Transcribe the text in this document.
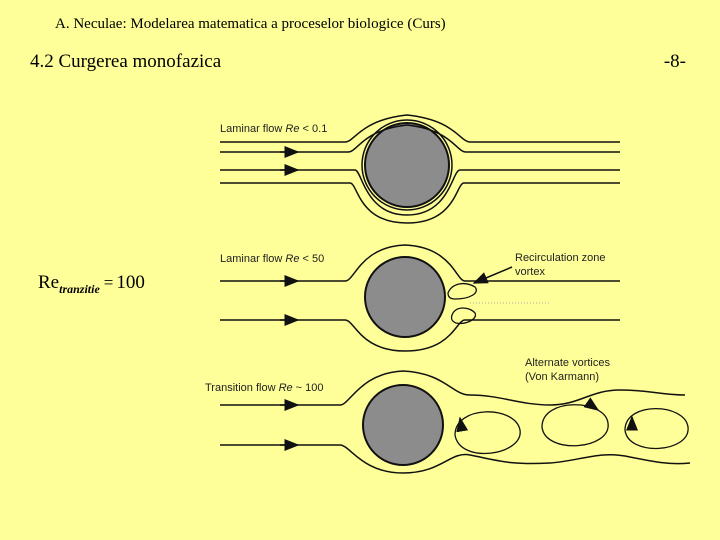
A. Neculae: Modelarea matematica a proceselor biologice (Curs)
4.2 Curgerea monofazica	-8-
$Re_{tranzitie} = 100$
Laminar flow Re < 0.1
Laminar flow Re < 50	Recirculation zone
vortex
Transition flow Re ~ 100
Alternate vortices
(Von Karmann)
